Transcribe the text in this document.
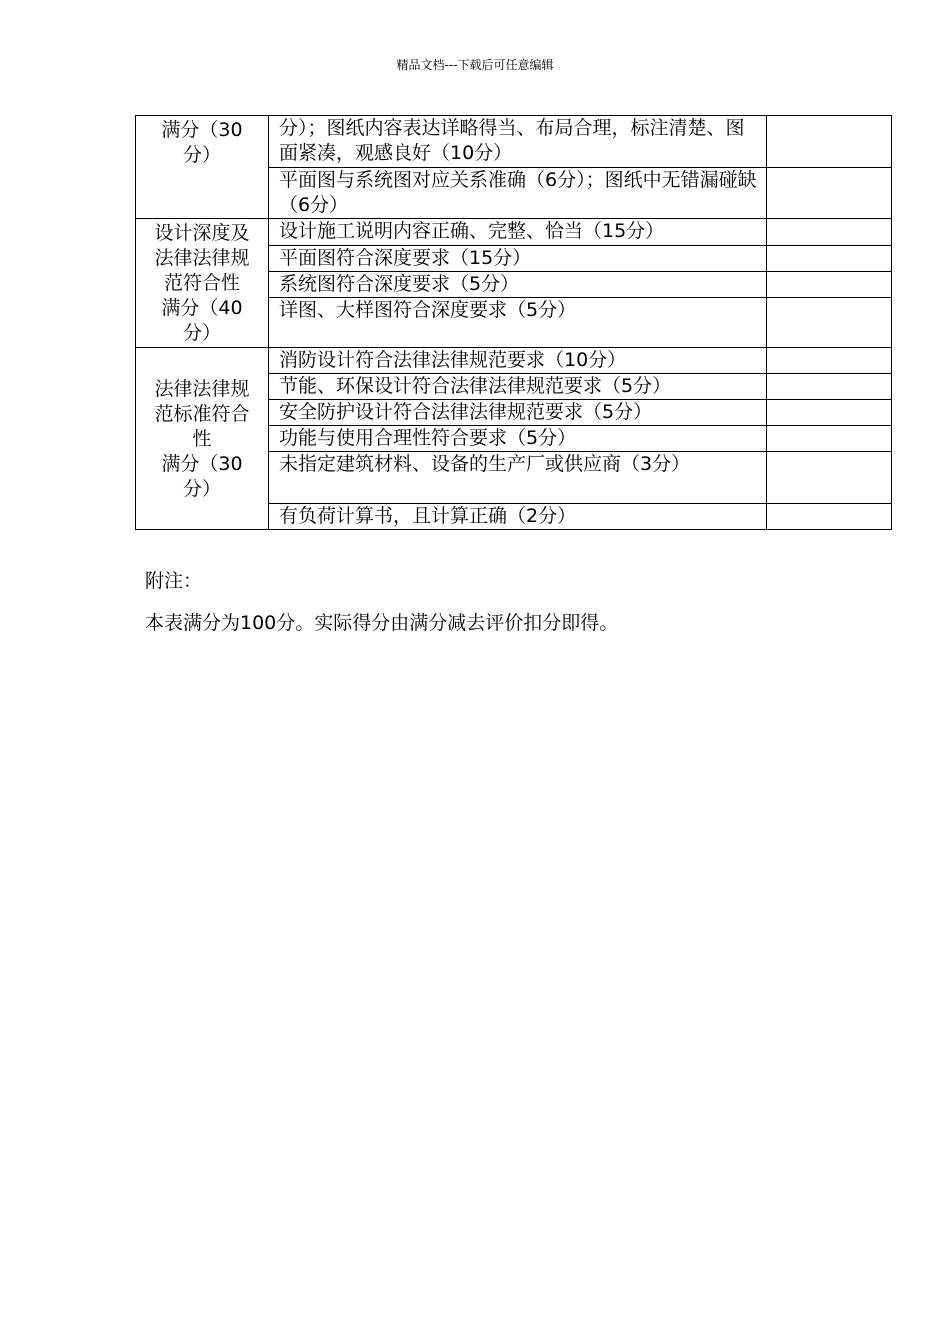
精品文档---下载后可任意编辑
满分（30
分）	分）；图纸内容表达详略得当、布局合理，标注清楚、图面紧凑，观感良好（10分）	
	平面图与系统图对应关系准确（6分）；图纸中无错漏碰缺（6分）	

设计深度及
法律法律规
范符合性
满分（40
分）	设计施工说明内容正确、完整、恰当（15分）	
	平面图符合深度要求（15分）	
	系统图符合深度要求（5分）	
	详图、大样图符合深度要求（5分）	

法律法律规
范标准符合
性
满分（30
分）	消防设计符合法律法律规范要求（10分）	
	节能、环保设计符合法律法律规范要求（5分）	
	安全防护设计符合法律法律规范要求（5分）	
	功能与使用合理性符合要求（5分）	
	未指定建筑材料、设备的生产厂或供应商（3分）	
	有负荷计算书，且计算正确（2分）	
附注：
本表满分为100分。实际得分由满分减去评价扣分即得。
